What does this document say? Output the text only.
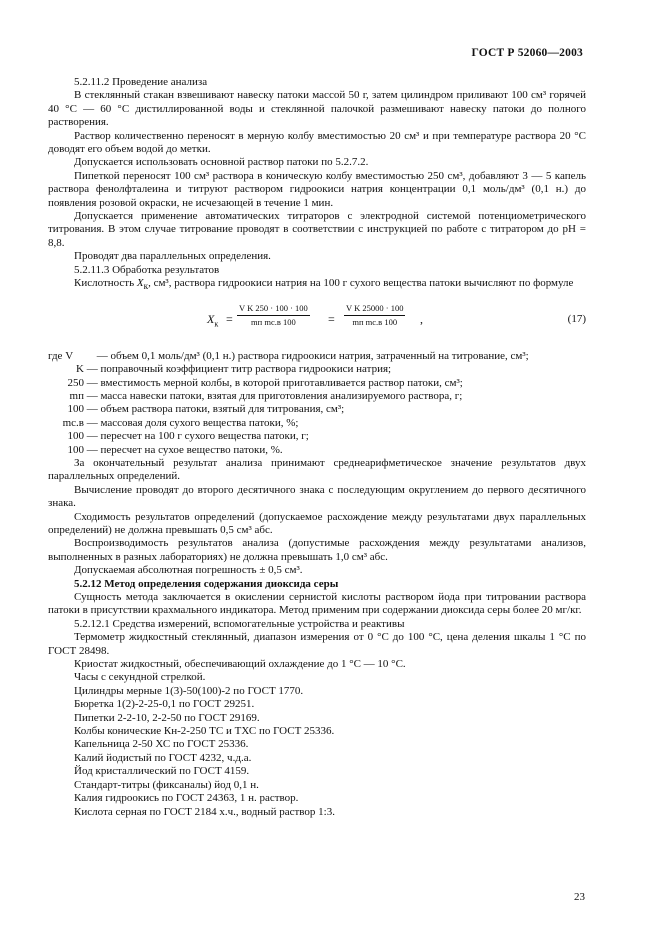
ГОСТ Р 52060—2003

5.2.11.2 Проведение анализа

В стеклянный стакан взвешивают навеску патоки массой 50 г, затем цилиндром приливают 100 см³ горячей 40 °С — 60 °С дистиллированной воды и стеклянной палочкой размешивают навеску патоки до полного растворения.

Раствор количественно переносят в мерную колбу вместимостью 20 см³ и при температуре раствора 20 °С доводят его объем водой до метки.

Допускается использовать основной раствор патоки по 5.2.7.2.

Пипеткой переносят 100 см³ раствора в коническую колбу вместимостью 250 см³, добавляют 3 — 5 капель раствора фенолфталеина и титруют раствором гидроокиси натрия концентрации 0,1 моль/дм³ (0,1 н.) до появления розовой окраски, не исчезающей в течение 1 мин.

Допускается применение автоматических титраторов с электродной системой потенциометрического титрования. В этом случае титрование проводят в соответствии с инструкцией по работе с титратором до рН = 8,8.

Проводят два параллельных определения.

5.2.11.3 Обработка результатов

Кислотность $X_к$, см³, раствора гидроокиси натрия на 100 г сухого вещества патоки вычисляют по формуле

$X_к$ =
V K 250 · 100 · 100
mп mс.в 100	=
V K 25000 · 100
mп mс.в 100	,	(17)

где V — объем 0,1 моль/дм³ (0,1 н.) раствора гидроокиси натрия, затраченный на титрование, см³;

K — поправочный коэффициент титр раствора гидроокиси натрия;

250 — вместимость мерной колбы, в которой приготавливается раствор патоки, см³;

mп — масса навески патоки, взятая для приготовления анализируемого раствора, г;

100 — объем раствора патоки, взятый для титрования, см³;

mс.в — массовая доля сухого вещества патоки, %;

100 — пересчет на 100 г сухого вещества патоки, г;

100 — пересчет на сухое вещество патоки, %.

За окончательный результат анализа принимают среднеарифметическое значение результатов двух параллельных определений.

Вычисление проводят до второго десятичного знака с последующим округлением до первого десятичного знака.

Сходимость результатов определений (допускаемое расхождение между результатами двух параллельных определений) не должна превышать 0,5 см³ абс.

Воспроизводимость результатов анализа (допустимые расхождения между результатами анализов, выполненных в разных лабораториях) не должна превышать 1,0 см³ абс.

Допускаемая абсолютная погрешность ± 0,5 см³.

5.2.12 Метод определения содержания диоксида серы

Сущность метода заключается в окислении сернистой кислоты раствором йода при титровании раствора патоки в присутствии крахмального индикатора. Метод применим при содержании диоксида серы более 20 мг/кг.

5.2.12.1 Средства измерений, вспомогательные устройства и реактивы

Термометр жидкостный стеклянный, диапазон измерения от 0 °С до 100 °С, цена деления шкалы 1 °С по ГОСТ 28498.

Криостат жидкостный, обеспечивающий охлаждение до 1 °С — 10 °С.

Часы с секундной стрелкой.

Цилиндры мерные 1(3)-50(100)-2 по ГОСТ 1770.

Бюретка 1(2)-2-25-0,1 по ГОСТ 29251.

Пипетки 2-2-10, 2-2-50 по ГОСТ 29169.

Колбы конические Кн-2-250 ТС и ТХС по ГОСТ 25336.

Капельница 2-50 ХС по ГОСТ 25336.

Калий йодистый по ГОСТ 4232, ч.д.а.

Йод кристаллический по ГОСТ 4159.

Стандарт-титры (фиксаналы) йод 0,1 н.

Калия гидроокись по ГОСТ 24363, 1 н. раствор.

Кислота серная по ГОСТ 2184 х.ч., водный раствор 1:3.

23
